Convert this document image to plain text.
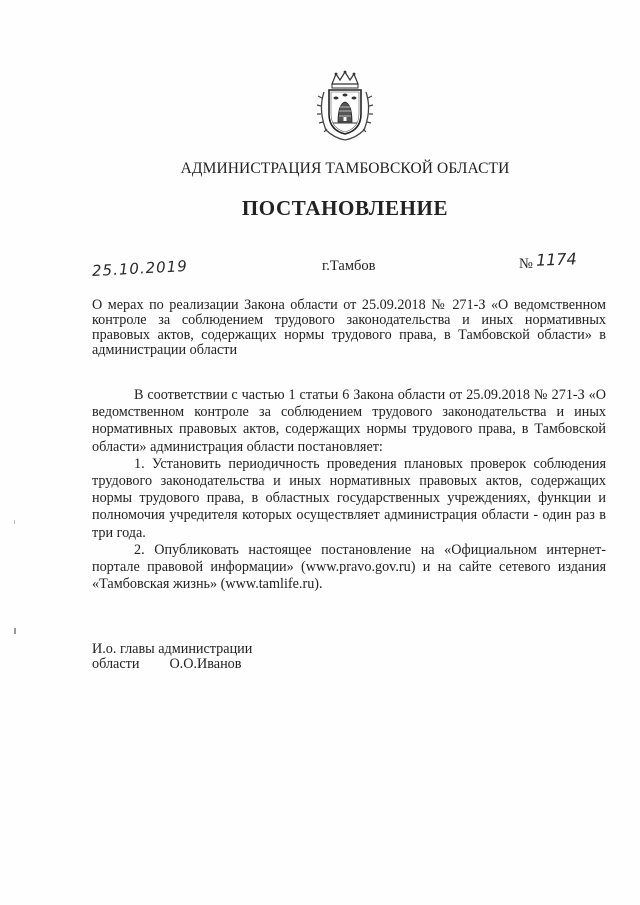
АДМИНИСТРАЦИЯ ТАМБОВСКОЙ ОБЛАСТИ
ПОСТАНОВЛЕНИЕ
25.10.2019	г.Тамбов	№ 1174
О мерах по реализации Закона области от 25.09.2018 № 271-З «О ведомственном контроле за соблюдением трудового законодательства и иных нормативных правовых актов, содержащих нормы трудового права, в Тамбовской области» в администрации области

В соответствии с частью 1 статьи 6 Закона области от 25.09.2018 № 271-З «О ведомственном контроле за соблюдением трудового законодательства и иных нормативных правовых актов, содержащих нормы трудового права, в Тамбовской области» администрация области постановляет:

1. Установить периодичность проведения плановых проверок соблюдения трудового законодательства и иных нормативных правовых актов, содержащих нормы трудового права, в областных государственных учреждениях, функции и полномочия учредителя которых осуществляет администрация области - один раз в три года.

2. Опубликовать настоящее постановление на «Официальном интернет-портале правовой информации» (www.pravo.gov.ru) и на сайте сетевого издания «Тамбовская жизнь» (www.tamlife.ru).

И.о. главы администрации
области О.О.Иванов
